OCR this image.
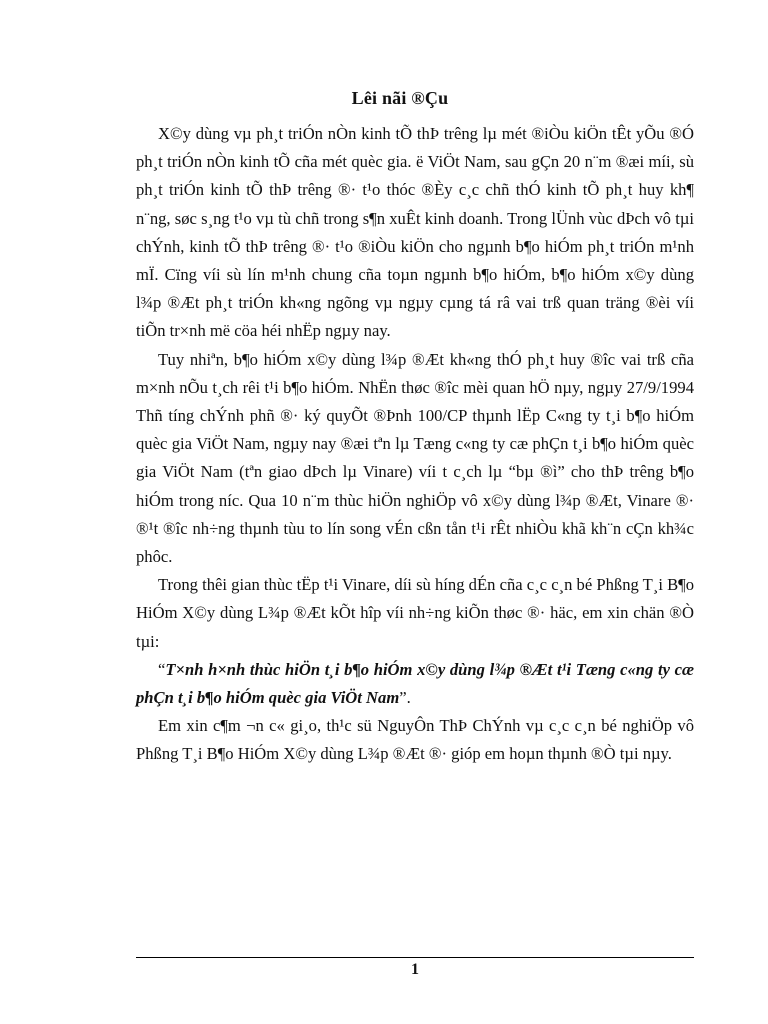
Lêi nãi ®Çu

X©y dùng vµ ph¸t triÓn nÒn kinh tÕ thÞ trêng lµ mét ®iÒu kiÖn tÊt yÕu ®Ó ph¸t triÓn nÒn kinh tÕ cña mét quèc gia. ë ViÖt Nam, sau gÇn 20 n¨m ®æi míi, sù ph¸t triÓn kinh tÕ thÞ trêng ®· t¹o thóc ®Èy c¸c chñ thÓ kinh tÕ ph¸t huy kh¶ n¨ng, søc s¸ng t¹o vµ tù chñ trong s¶n xuÊt kinh doanh. Trong lÜnh vùc dÞch vô tµi chÝnh, kinh tÕ thÞ trêng ®· t¹o ®iÒu kiÖn cho ngµnh b¶o hiÓm ph¸t triÓn m¹nh mÏ. Cïng víi sù lín m¹nh chung cña toµn ngµnh b¶o hiÓm, b¶o hiÓm x©y dùng l¾p ®Æt ph¸t triÓn kh«ng ngõng vµ ngµy cµng tá râ vai trß quan träng ®èi víi tiÕn tr×nh më cöa héi nhËp ngµy nay.

Tuy nhiªn, b¶o hiÓm x©y dùng l¾p ®Æt kh«ng thÓ ph¸t huy ®îc vai trß cña m×nh nÕu t¸ch rêi t¹i b¶o hiÓm. NhËn thøc ®îc mèi quan hÖ nµy, ngµy 27/9/1994 Thñ tíng chÝnh phñ ®· ký quyÕt ®Þnh 100/CP thµnh lËp C«ng ty t¸i b¶o hiÓm quèc gia ViÖt Nam, ngµy nay ®æi tªn lµ Tæng c«ng ty cæ phÇn t¸i b¶o hiÓm quèc gia ViÖt Nam (tªn giao dÞch lµ Vinare) víi t c¸ch lµ “bµ ®ì” cho thÞ trêng b¶o hiÓm trong níc. Qua 10 n¨m thùc hiÖn nghiÖp vô x©y dùng l¾p ®Æt, Vinare ®· ®¹t ®îc nh÷ng thµnh tùu to lín song vÉn cßn tån t¹i rÊt nhiÒu khã kh¨n cÇn kh¾c phôc.

Trong thêi gian thùc tËp t¹i Vinare, díi sù híng dÉn cña c¸c c¸n bé Phßng T¸i B¶o HiÓm X©y dùng L¾p ®Æt kÕt hîp víi nh÷ng kiÕn thøc ®· häc, em xin chän ®Ò tµi:

“T×nh h×nh thùc hiÖn t¸i b¶o hiÓm x©y dùng l¾p ®Æt t¹i Tæng c«ng ty cæ phÇn t¸i b¶o hiÓm quèc gia ViÖt Nam”.

Em xin c¶m ¬n c« gi¸o, th¹c sü NguyÔn ThÞ ChÝnh vµ c¸c c¸n bé nghiÖp vô Phßng T¸i B¶o HiÓm X©y dùng L¾p ®Æt ®· gióp em hoµn thµnh ®Ò tµi nµy.

1
